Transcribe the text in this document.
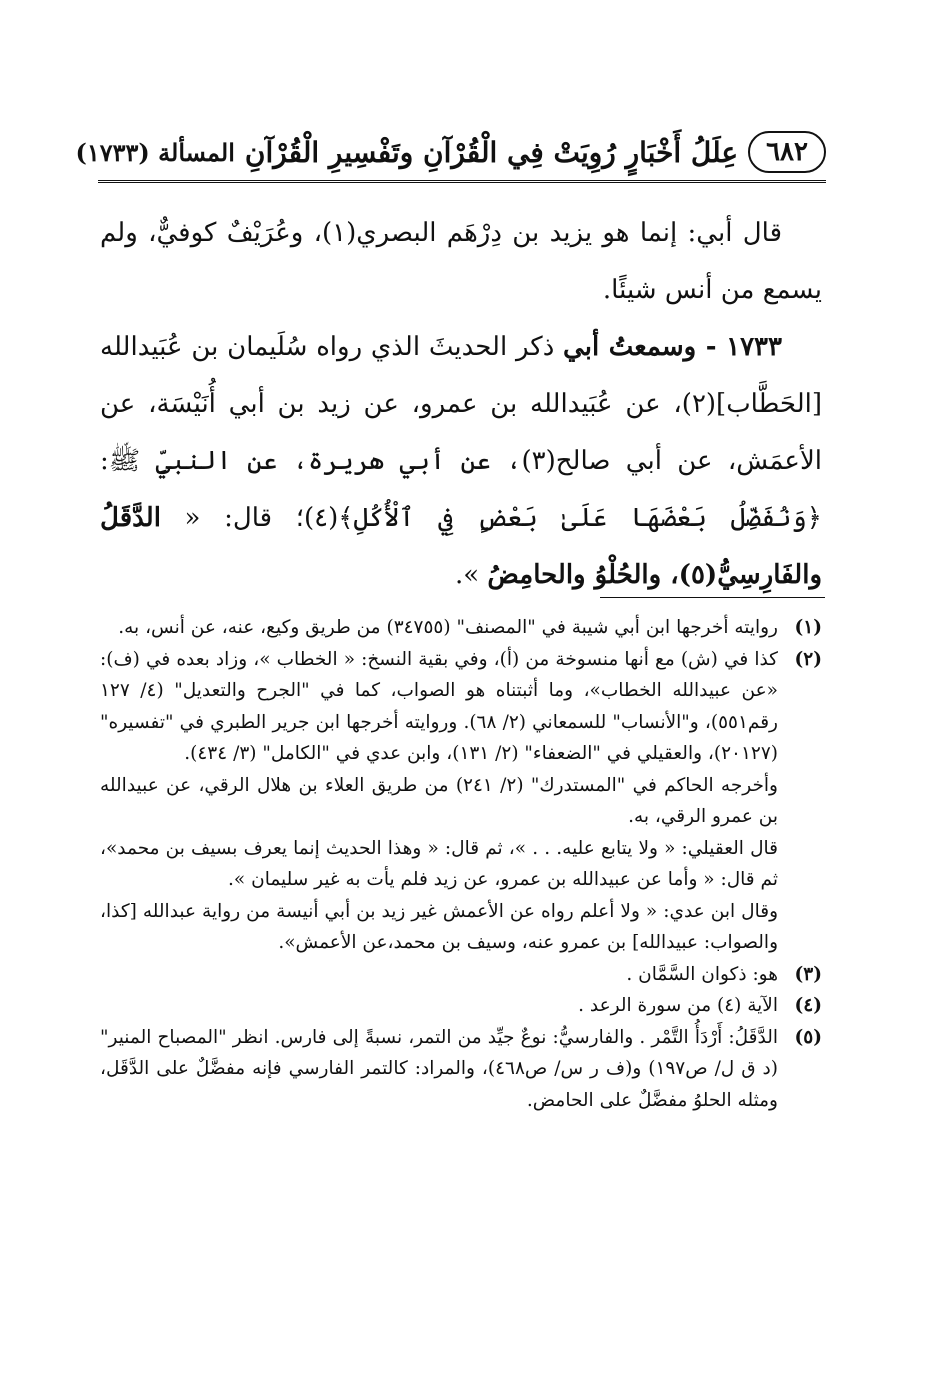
٦٨٢
عِلَلُ أَخْبَارٍ رُوِيَتْ فِي الْقُرْآنِ وتَفْسِيرِ الْقُرْآنِ
المسألة (١٧٣٣)

قال أبي: إنما هو يزيد بن دِرْهَم البصري(١)، وعُرَيْفٌ كوفيٌّ، ولم يسمع من أنس شيئًا.

١٧٣٣ - وسمعتُ أبي ذكر الحديثَ الذي رواه سُلَيمان بن عُبَيدالله [الحَطَّاب](٢)، عن عُبَيدالله بن عمرو، عن زيد بن أبي أُنَيْسَة، عن الأعمَش، عن أبي صالح(٣)، عن أبي هريرة، عن النبيِّ ﷺ: ﴿وَنُفَضِّلُ بَعْضَهَا عَلَىٰ بَعْضٍ فِي ٱلْأُكُلِ﴾(٤)؛ قال: « الدَّقَلُ والفَارِسِيُّ(٥)، والحُلْوُ والحامِضُ ».

(١)

روايته أخرجها ابن أبي شيبة في "المصنف" (٣٤٧٥٥) من طريق وكيع، عنه، عن أنس، به.

(٢)

كذا في (ش) مع أنها منسوخة من (أ)، وفي بقية النسخ: « الخطاب »، وزاد بعده في (ف): «عن عبيدالله الخطاب»، وما أثبتناه هو الصواب، كما في "الجرح والتعديل" (٤/ ١٢٧ رقم٥٥١)، و"الأنساب" للسمعاني (٢/ ٦٨). وروايته أخرجها ابن جرير الطبري في "تفسيره" (٢٠١٢٧)، والعقيلي في "الضعفاء" (٢/ ١٣١)، وابن عدي في "الكامل" (٣/ ٤٣٤).

وأخرجه الحاكم في "المستدرك" (٢/ ٢٤١) من طريق العلاء بن هلال الرقي، عن عبيدالله بن عمرو الرقي، به.

قال العقيلي: « ولا يتابع عليه. . . »، ثم قال: « وهذا الحديث إنما يعرف بسيف بن محمد»، ثم قال: « وأما عن عبيدالله بن عمرو، عن زيد فلم يأت به غير سليمان ».

وقال ابن عدي: « ولا أعلم رواه عن الأعمش غير زيد بن أبي أنيسة من رواية عبدالله [كذا، والصواب: عبيدالله] بن عمرو عنه، وسيف بن محمد،عن الأعمش».

(٣)

هو: ذكوان السَّمَّان .

(٤)

الآية (٤) من سورة الرعد .

(٥)

الدَّقَلُ: أَرْدَأُ التَّمْر . والفارسيُّ: نوعٌ جيِّد من التمر، نسبةً إلى فارس. انظر "المصباح المنير" (د ق ل/ ص١٩٧) و(ف ر س/ ص٤٦٨)، والمراد: كالتمر الفارسي فإنه مفضَّلٌ على الدَّقَل، ومثله الحلوُ مفضَّلٌ على الحامض.
